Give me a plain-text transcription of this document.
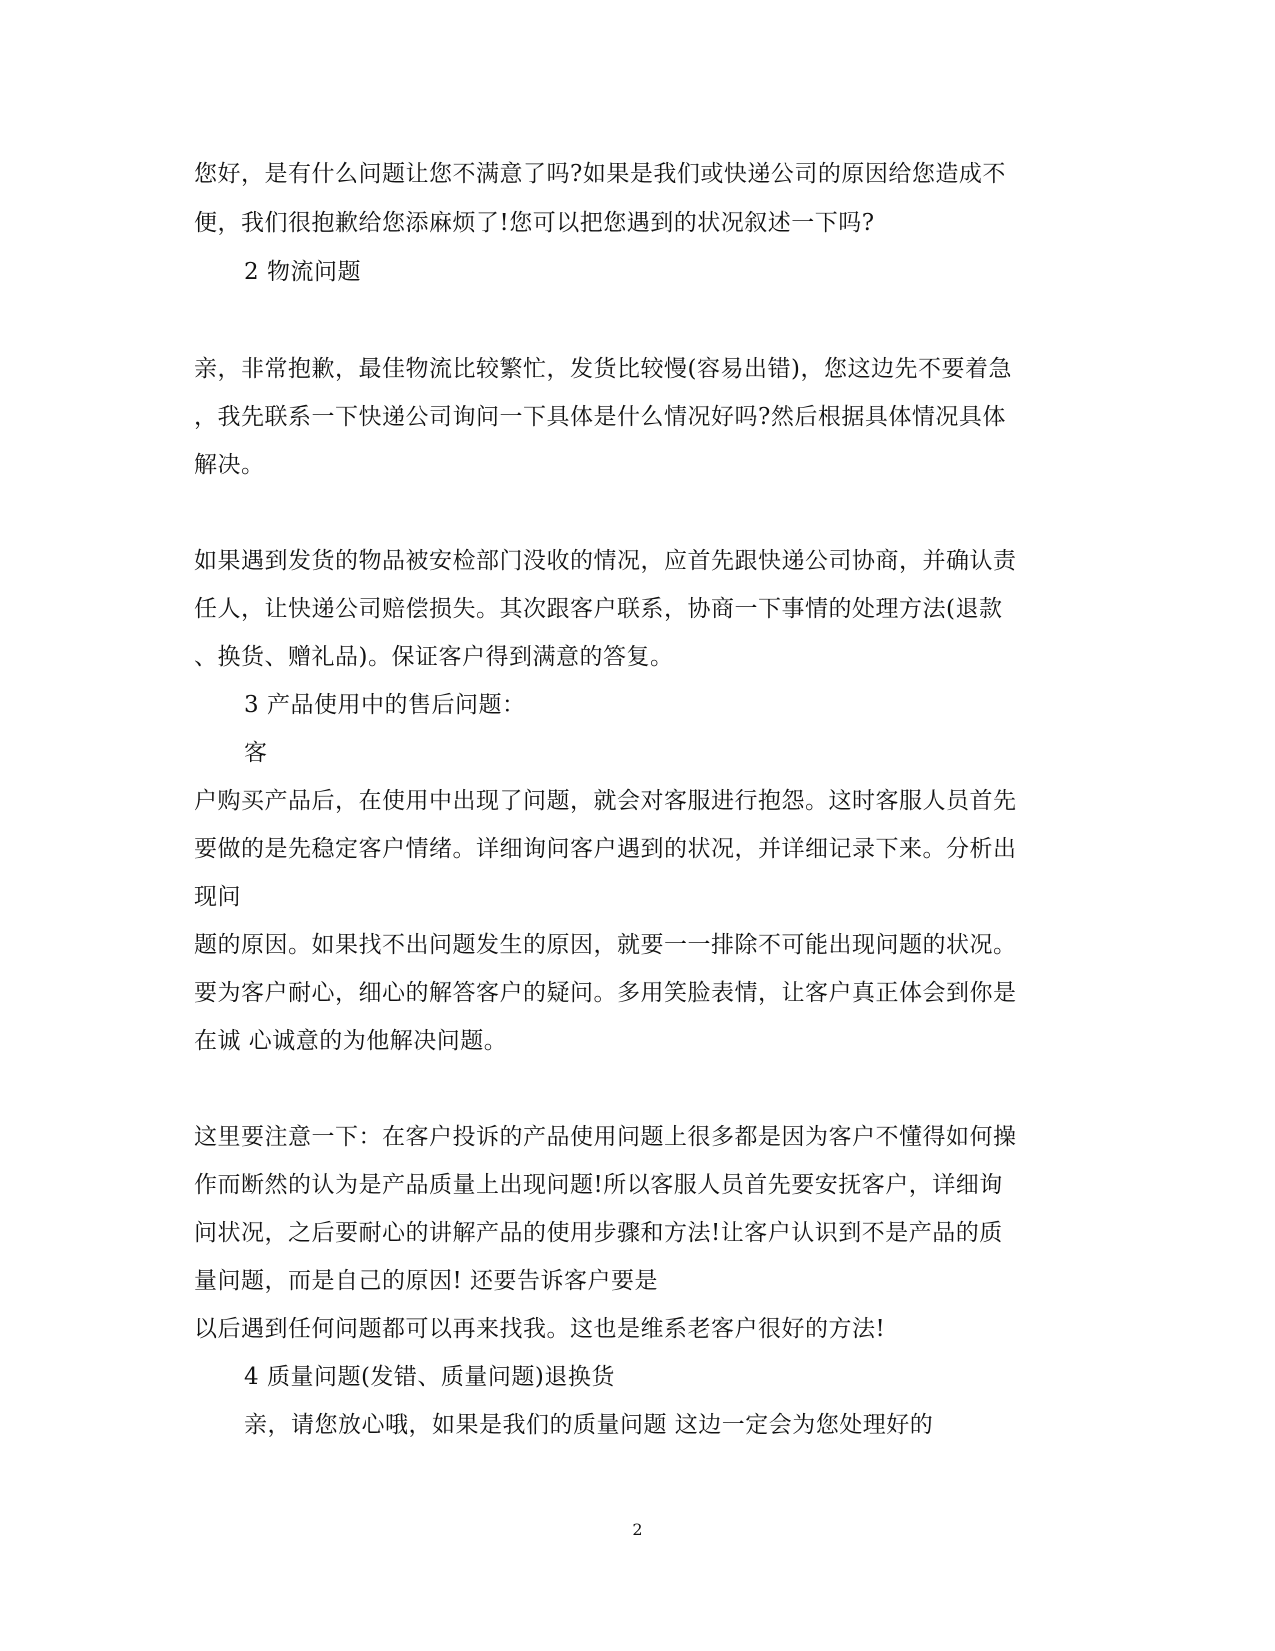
您好，是有什么问题让您不满意了吗?如果是我们或快递公司的原因给您造成不
便，我们很抱歉给您添麻烦了!您可以把您遇到的状况叙述一下吗?
2 物流问题
亲，非常抱歉，最佳物流比较繁忙，发货比较慢(容易出错)，您这边先不要着急
，我先联系一下快递公司询问一下具体是什么情况好吗?然后根据具体情况具体
解决。
如果遇到发货的物品被安检部门没收的情况，应首先跟快递公司协商，并确认责
任人，让快递公司赔偿损失。其次跟客户联系，协商一下事情的处理方法(退款
、换货、赠礼品)。保证客户得到满意的答复。
3 产品使用中的售后问题：
客
户购买产品后，在使用中出现了问题，就会对客服进行抱怨。这时客服人员首先
要做的是先稳定客户情绪。详细询问客户遇到的状况，并详细记录下来。分析出
现问
题的原因。如果找不出问题发生的原因，就要一一排除不可能出现问题的状况。
要为客户耐心，细心的解答客户的疑问。多用笑脸表情，让客户真正体会到你是
在诚 心诚意的为他解决问题。
这里要注意一下：在客户投诉的产品使用问题上很多都是因为客户不懂得如何操
作而断然的认为是产品质量上出现问题!所以客服人员首先要安抚客户，详细询
问状况，之后要耐心的讲解产品的使用步骤和方法!让客户认识到不是产品的质
量问题，而是自己的原因! 还要告诉客户要是
以后遇到任何问题都可以再来找我。这也是维系老客户很好的方法!
4 质量问题(发错、质量问题)退换货
亲，请您放心哦，如果是我们的质量问题 这边一定会为您处理好的
2
